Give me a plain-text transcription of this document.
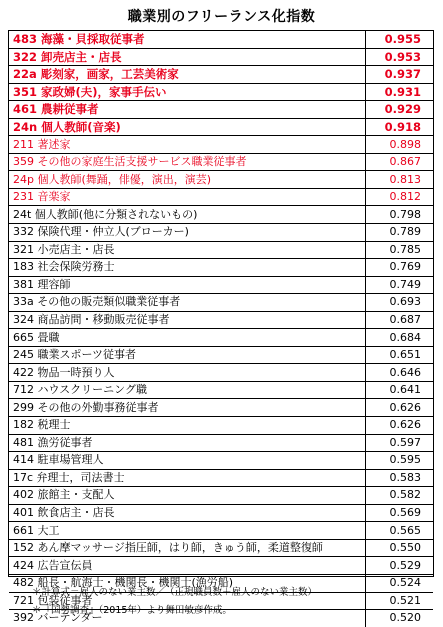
職業別のフリーランス化指数
483 海藻・貝採取従事者	0.955
322 卸売店主・店長	0.953
22a 彫刻家，画家，工芸美術家	0.937
351 家政婦(夫)，家事手伝い	0.931
461 農耕従事者	0.929
24n 個人教師(音楽)	0.918
211 著述家	0.898
359 その他の家庭生活支援サービス職業従事者	0.867
24p 個人教師(舞踊，俳優，演出，演芸)	0.813
231 音楽家	0.812
24t 個人教師(他に分類されないもの)	0.798
332 保険代理・仲立人(ブローカー)	0.789
321 小売店主・店長	0.785
183 社会保険労務士	0.769
381 理容師	0.749
33a その他の販売類似職業従事者	0.693
324 商品訪問・移動販売従事者	0.687
665 畳職	0.684
245 職業スポーツ従事者	0.651
422 物品一時預り人	0.646
712 ハウスクリーニング職	0.641
299 その他の外勤事務従事者	0.626
182 税理士	0.626
481 漁労従事者	0.597
414 駐車場管理人	0.595
17c 弁理士，司法書士	0.583
402 旅館主・支配人	0.582
401 飲食店主・店長	0.569
661 大工	0.565
152 あん摩マッサージ指圧師，はり師，きゅう師，柔道整復師	0.550
424 広告宣伝員	0.529
482 船長・航海士・機関長・機関士(漁労船)	0.524
721 包装従事者	0.521
392 バーテンダー	0.520
＊計算式＝雇人のない業主数／（正規職員数＋雇人のない業主数）
＊『国勢調査』（2015年）より舞田敏彦作成。
